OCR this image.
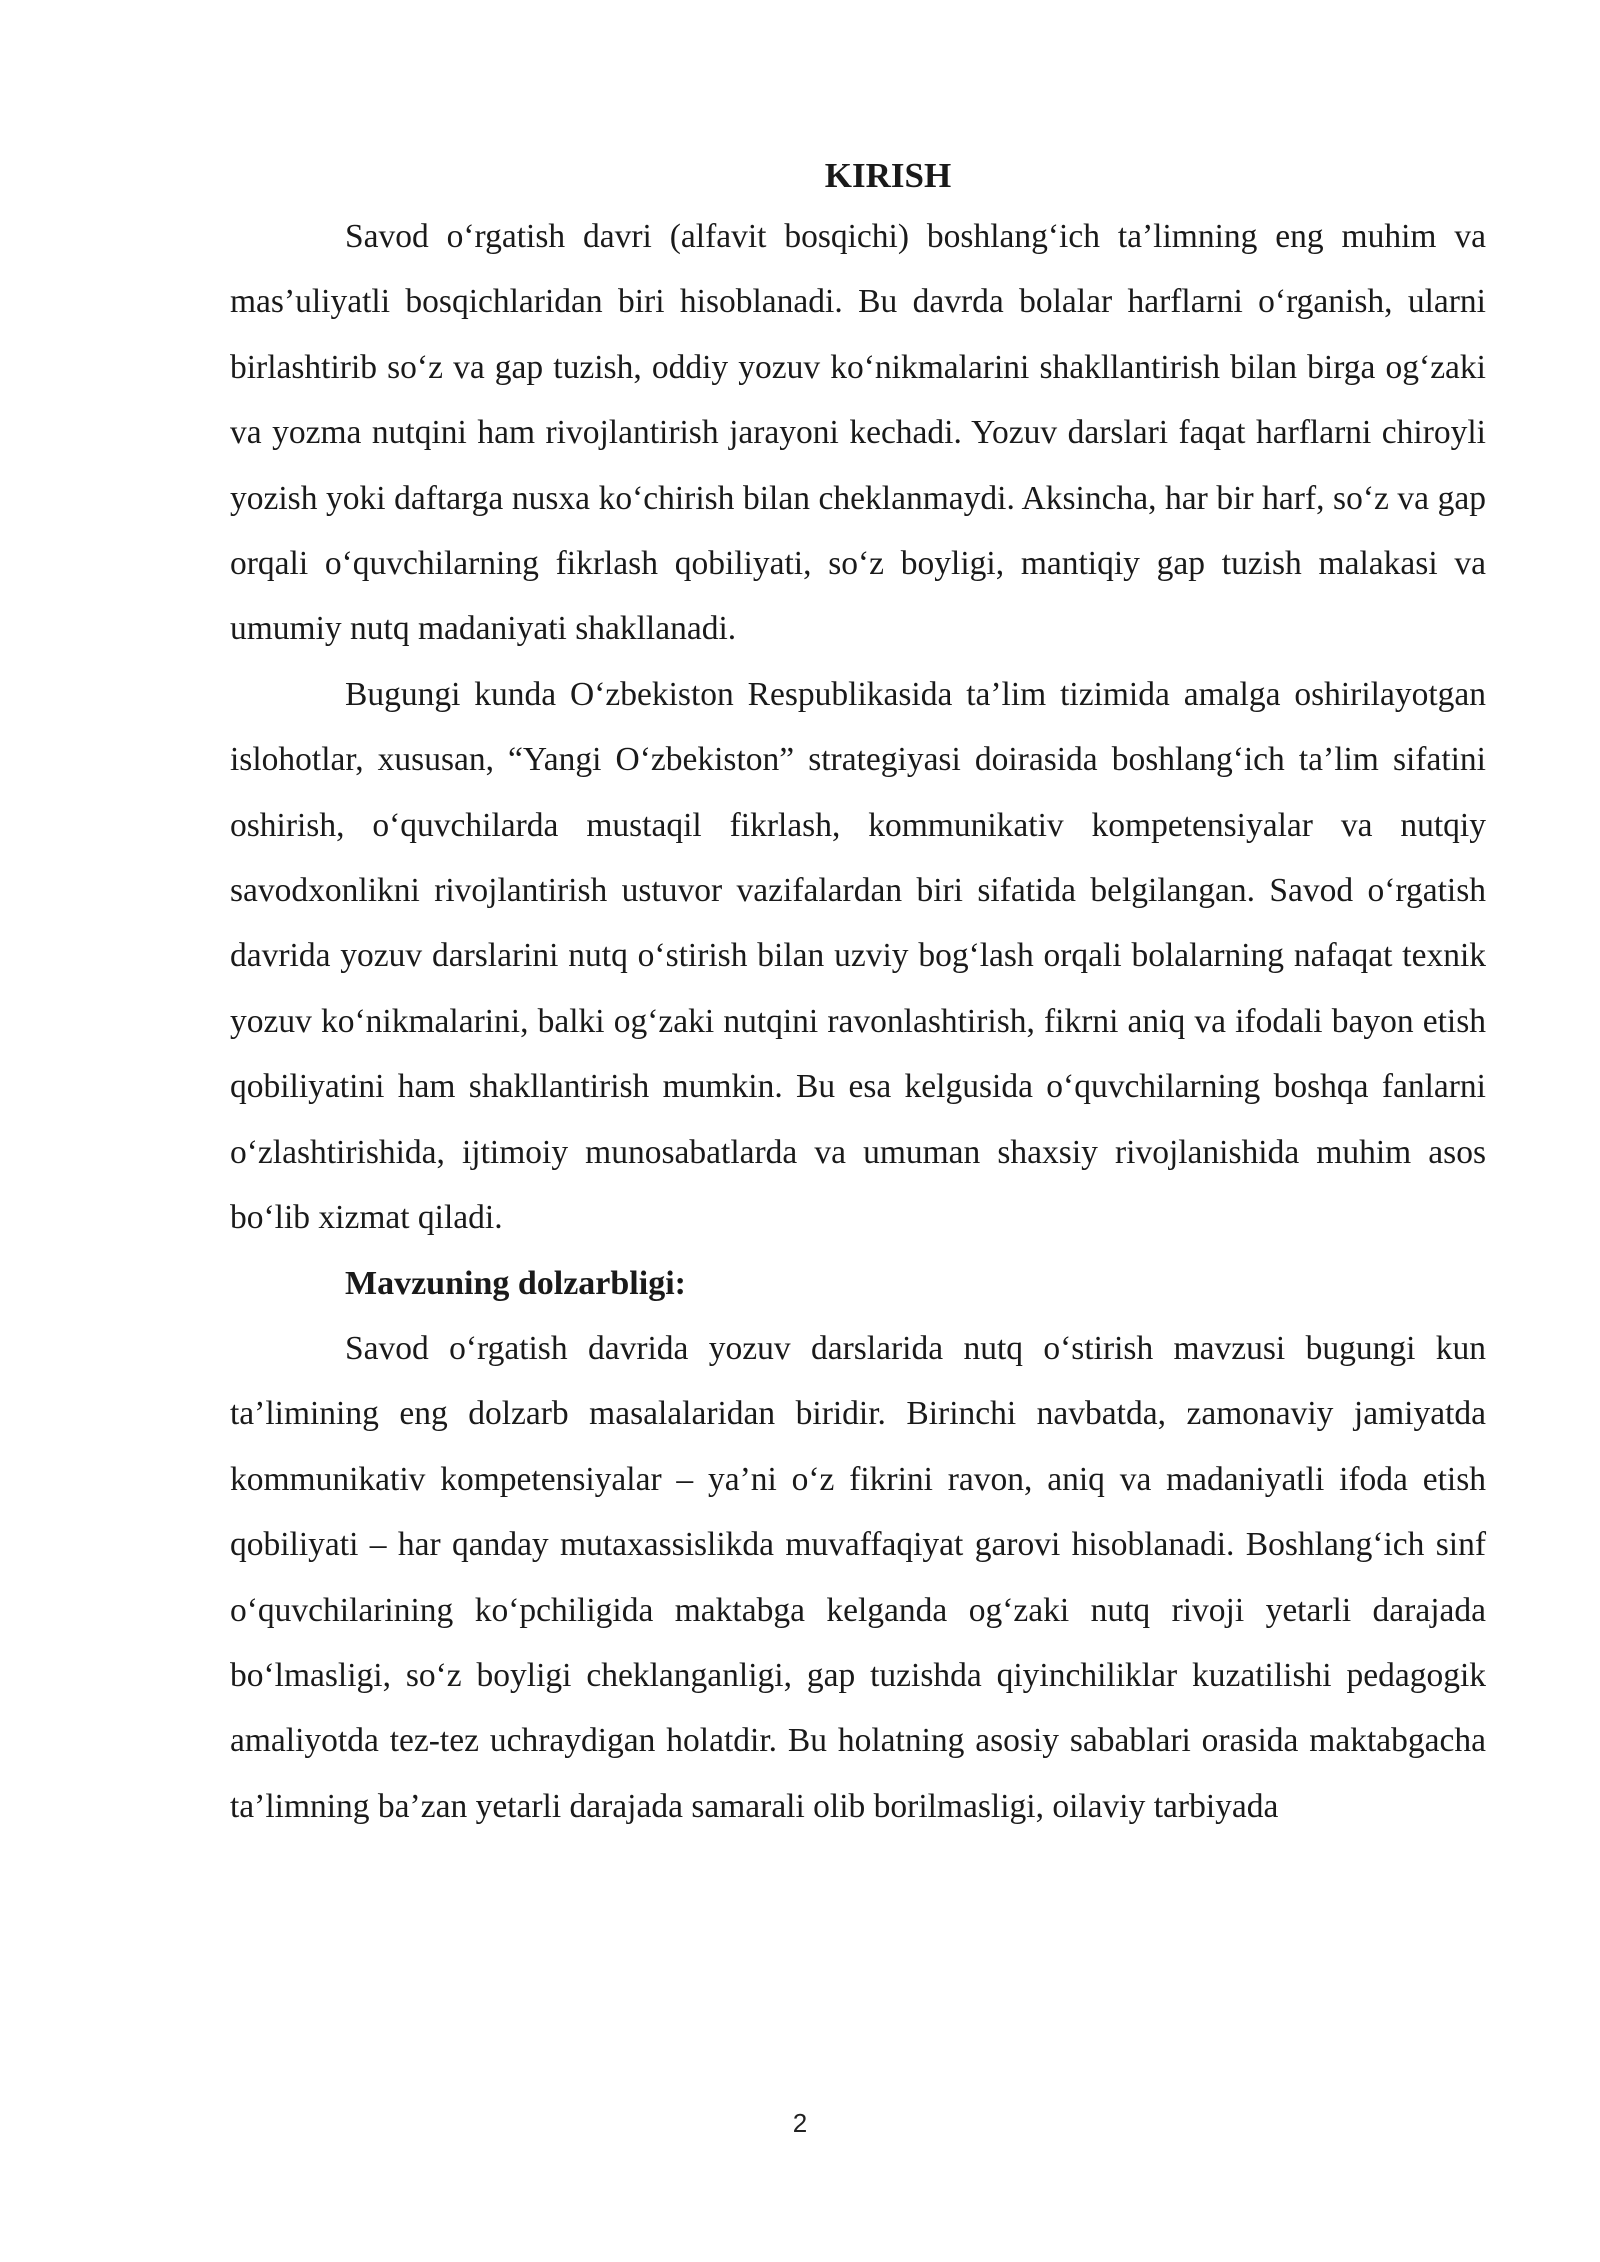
KIRISH

Savod o‘rgatish davri (alfavit bosqichi) boshlang‘ich ta’limning eng muhim va mas’uliyatli bosqichlaridan biri hisoblanadi. Bu davrda bolalar harflarni o‘rganish, ularni birlashtirib so‘z va gap tuzish, oddiy yozuv ko‘nikmalarini shakllantirish bilan birga og‘zaki va yozma nutqini ham rivojlantirish jarayoni kechadi. Yozuv darslari faqat harflarni chiroyli yozish yoki daftarga nusxa ko‘chirish bilan cheklanmaydi. Aksincha, har bir harf, so‘z va gap orqali o‘quvchilarning fikrlash qobiliyati, so‘z boyligi, mantiqiy gap tuzish malakasi va umumiy nutq madaniyati shakllanadi.

Bugungi kunda O‘zbekiston Respublikasida ta’lim tizimida amalga oshirilayotgan islohotlar, xususan, “Yangi O‘zbekiston” strategiyasi doirasida boshlang‘ich ta’lim sifatini oshirish, o‘quvchilarda mustaqil fikrlash, kommunikativ kompetensiyalar va nutqiy savodxonlikni rivojlantirish ustuvor vazifalardan biri sifatida belgilangan. Savod o‘rgatish davrida yozuv darslarini nutq o‘stirish bilan uzviy bog‘lash orqali bolalarning nafaqat texnik yozuv ko‘nikmalarini, balki og‘zaki nutqini ravonlashtirish, fikrni aniq va ifodali bayon etish qobiliyatini ham shakllantirish mumkin. Bu esa kelgusida o‘quvchilarning boshqa fanlarni o‘zlashtirishida, ijtimoiy munosabatlarda va umuman shaxsiy rivojlanishida muhim asos bo‘lib xizmat qiladi.

Mavzuning dolzarbligi:

Savod o‘rgatish davrida yozuv darslarida nutq o‘stirish mavzusi bugungi kun ta’limining eng dolzarb masalalaridan biridir. Birinchi navbatda, zamonaviy jamiyatda kommunikativ kompetensiyalar – ya’ni o‘z fikrini ravon, aniq va madaniyatli ifoda etish qobiliyati – har qanday mutaxassislikda muvaffaqiyat garovi hisoblanadi. Boshlang‘ich sinf o‘quvchilarining ko‘pchiligida maktabga kelganda og‘zaki nutq rivoji yetarli darajada bo‘lmasligi, so‘z boyligi cheklanganligi, gap tuzishda qiyinchiliklar kuzatilishi pedagogik amaliyotda tez-tez uchraydigan holatdir. Bu holatning asosiy sabablari orasida maktabgacha ta’limning ba’zan yetarli darajada samarali olib borilmasligi, oilaviy tarbiyada

2
